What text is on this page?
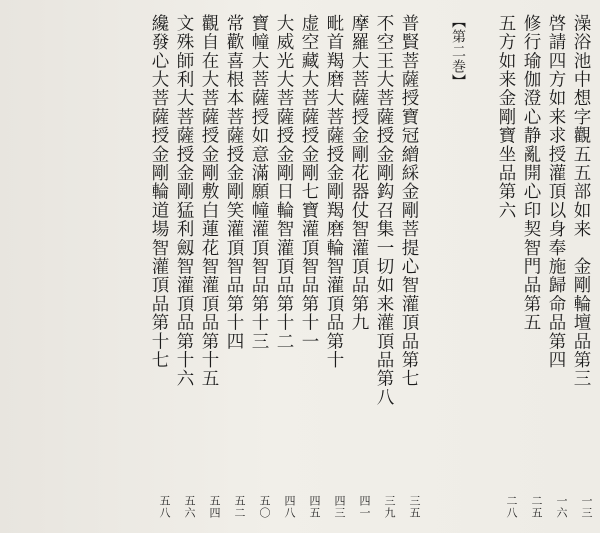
澡浴池中想字觀五五部如来　金剛輪壇品第三
一三
啓請四方如来求授灌頂以身奉施歸命品第四
一六
修行瑜伽澄心静亂開心印契智門品第五
二五
五方如来金剛寶坐品第六
二八
【第二巻】
普賢菩薩授寶冠繒綵金剛菩提心智灌頂品第七
三五
不空王大菩薩授金剛鈎召集一切如来灌頂品第八
三九
摩羅大菩薩授金剛花器仗智灌頂品第九
四一
毗首羯磨大菩薩授金剛羯磨輪智灌頂品第十
四三
虚空藏大菩薩授金剛七寶灌頂智品第十一
四五
大威光大菩薩授金剛日輪智灌頂品第十二
四八
寶幢大菩薩授如意滿願幢灌頂智品第十三
五〇
常歡喜根本菩薩授金剛笑灌頂智品第十四
五二
觀自在大菩薩授金剛敷白蓮花智灌頂品第十五
五四
文殊師利大菩薩授金剛猛利劔智灌頂品第十六
五六
纔發心大菩薩授金剛輪道場智灌頂品第十七
五八
